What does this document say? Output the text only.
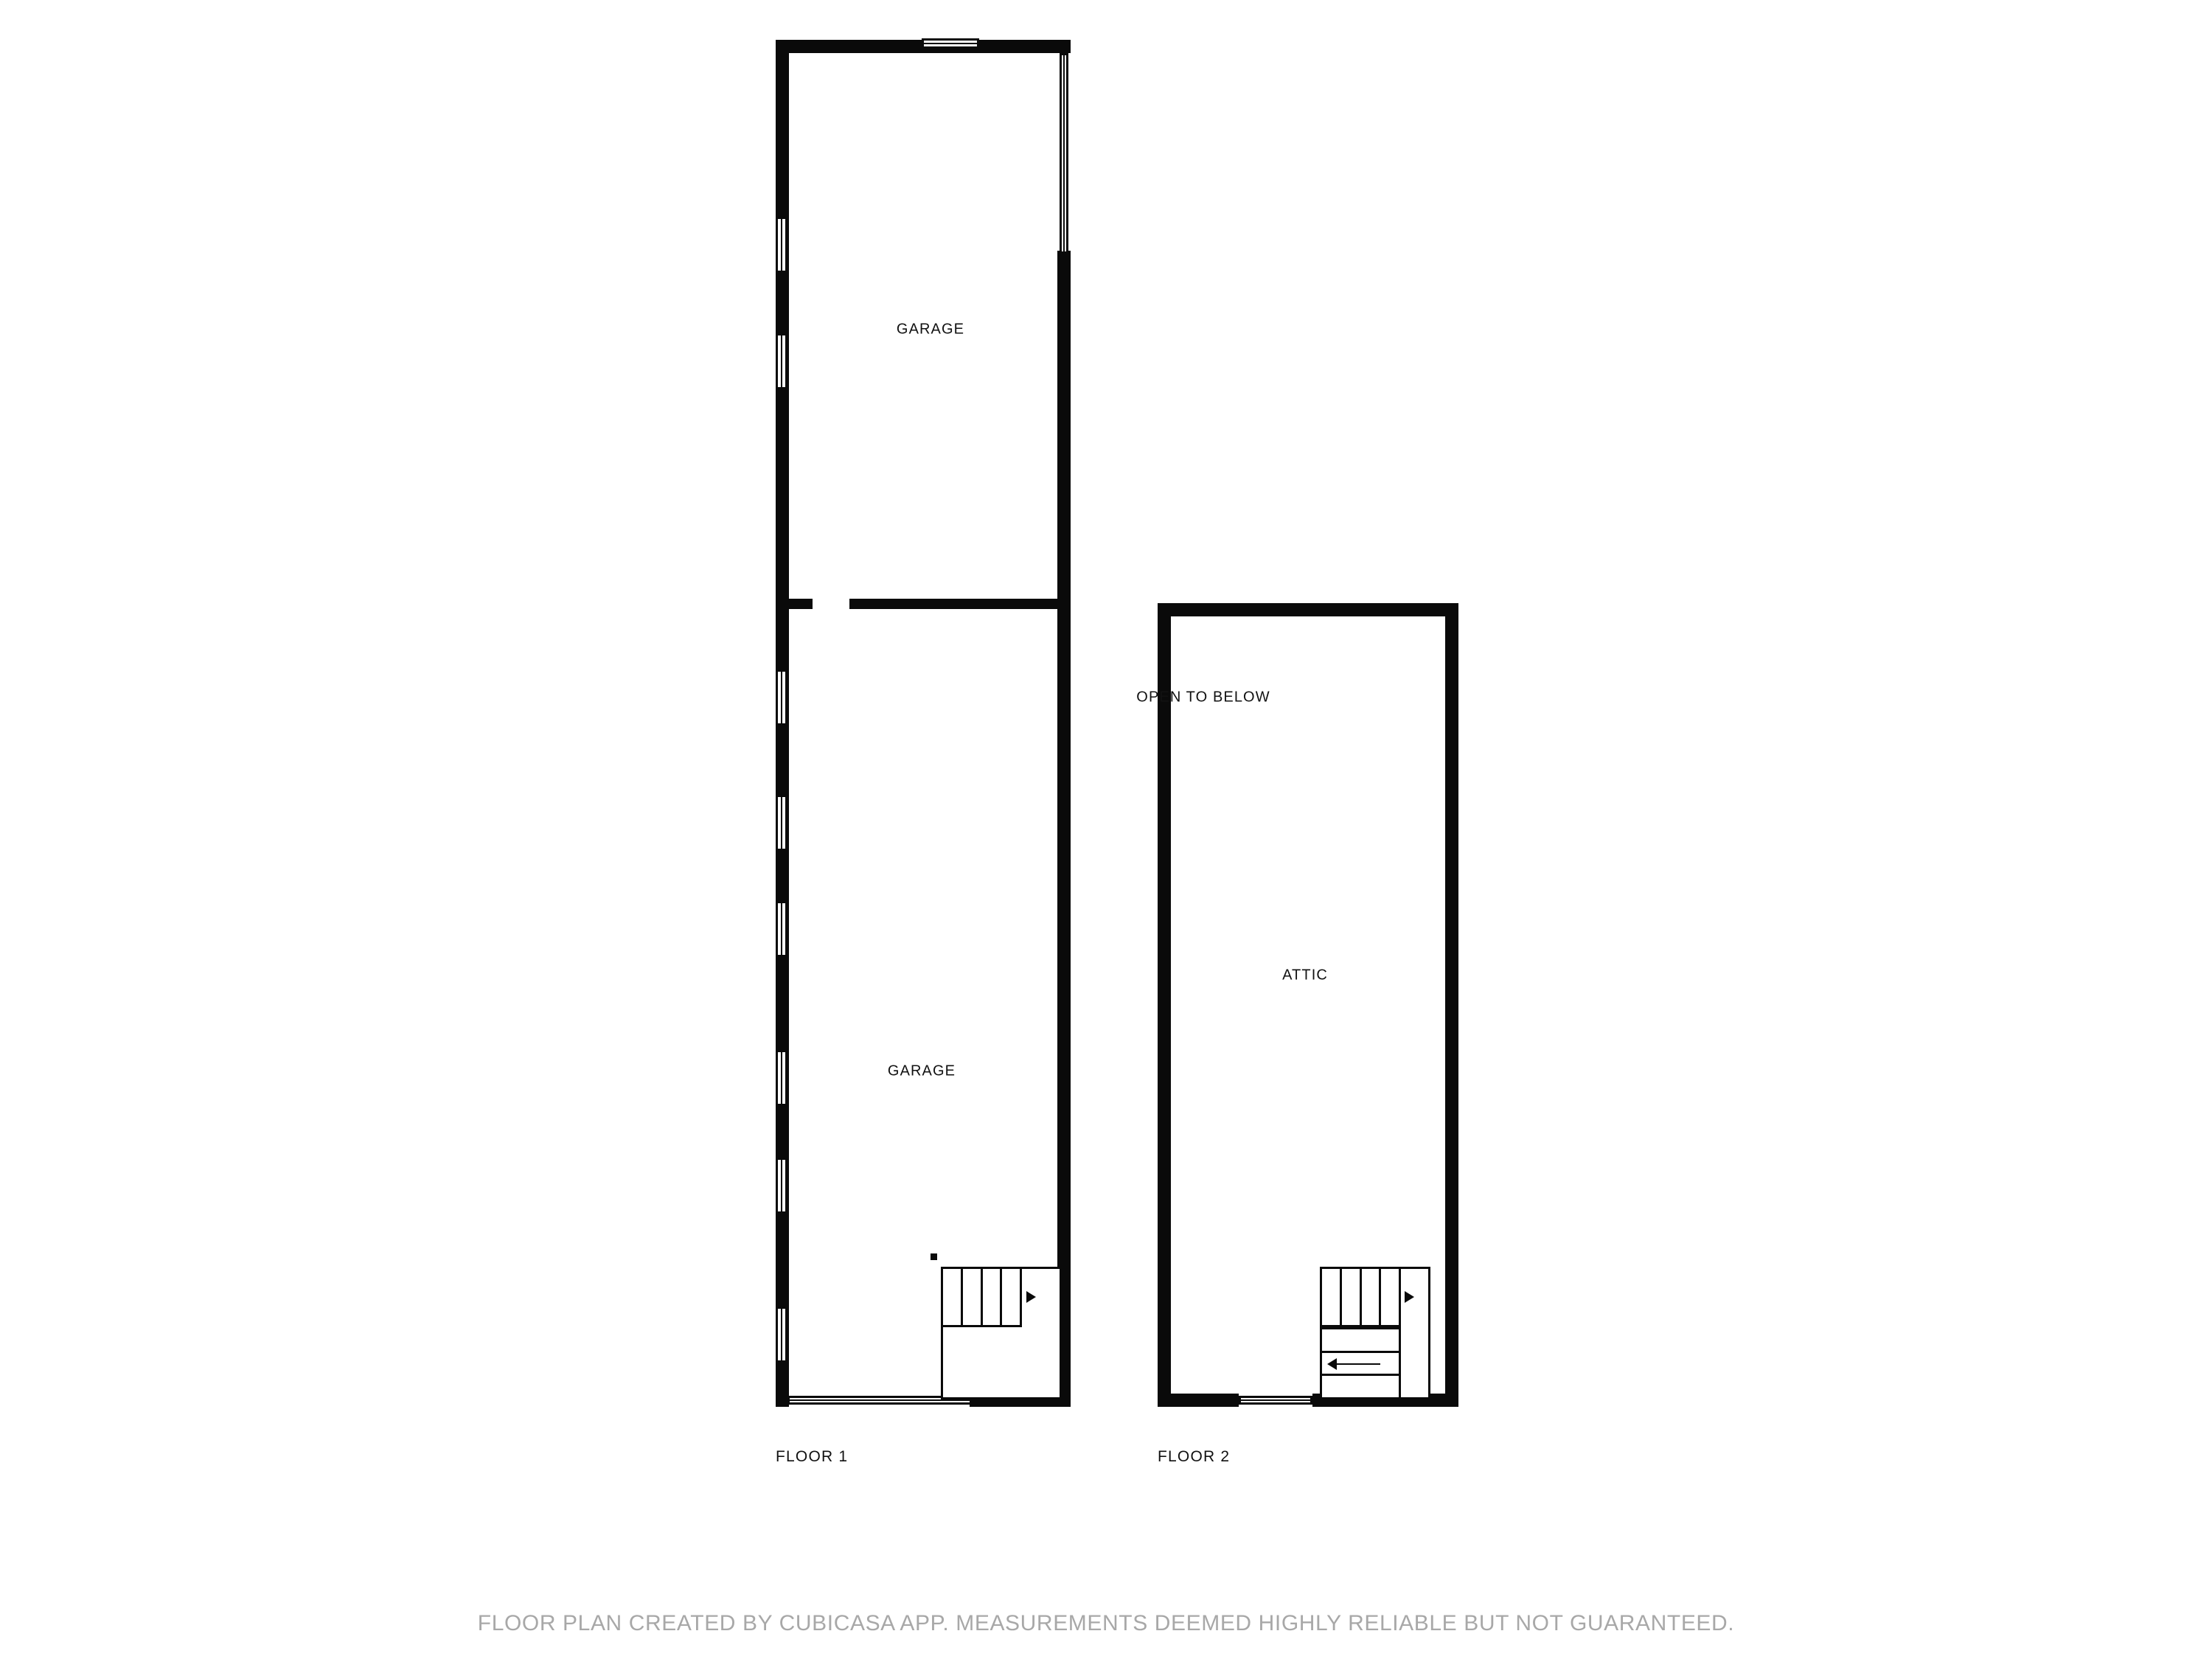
GARAGE
GARAGE
FLOOR 1
OPEN TO BELOW
ATTIC
FLOOR 2
FLOOR PLAN CREATED BY CUBICASA APP. MEASUREMENTS DEEMED HIGHLY RELIABLE BUT NOT GUARANTEED.
